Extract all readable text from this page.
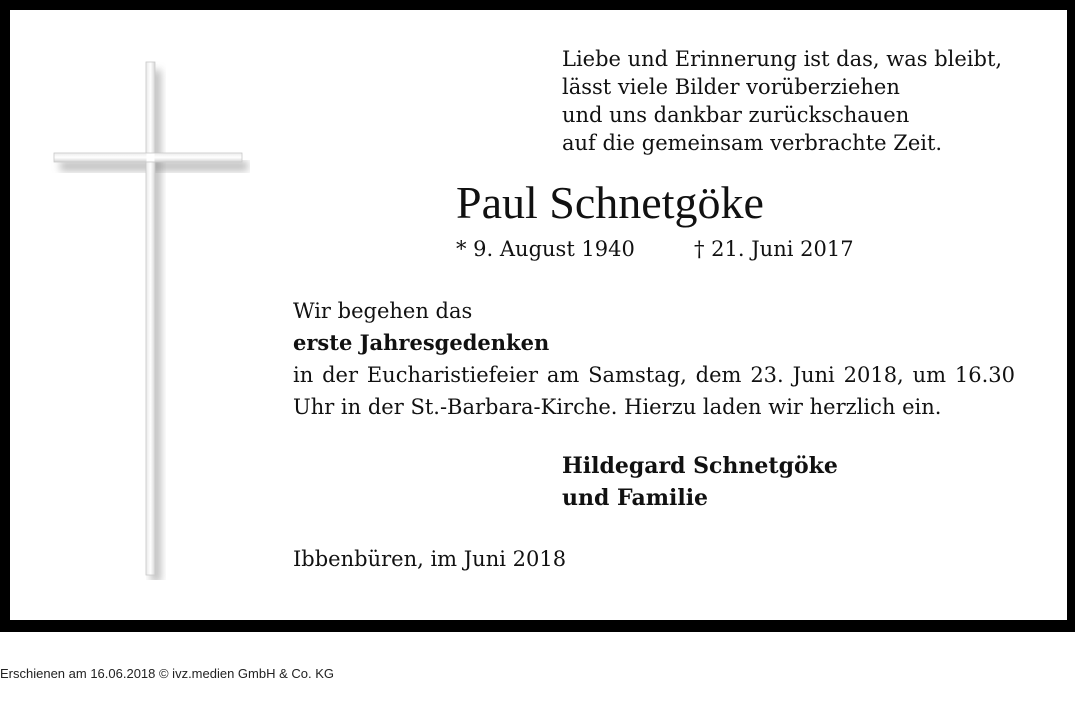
Liebe und Erinnerung ist das, was bleibt,
lässt viele Bilder vorüberziehen
und uns dankbar zurückschauen
auf die gemeinsam verbrachte Zeit.
Paul Schnetgöke
* 9. August 1940	† 21. Juni 2017
Wir begehen das
erste Jahresgedenken
in der Eucharistiefeier am Samstag, dem 23. Juni 2018, um 16.30 Uhr in der St.-Barbara-Kirche. Hierzu laden wir herzlich ein.
Hildegard Schnetgöke
und Familie
Ibbenbüren, im Juni 2018
Erschienen am 16.06.2018 © ivz.medien GmbH & Co. KG
